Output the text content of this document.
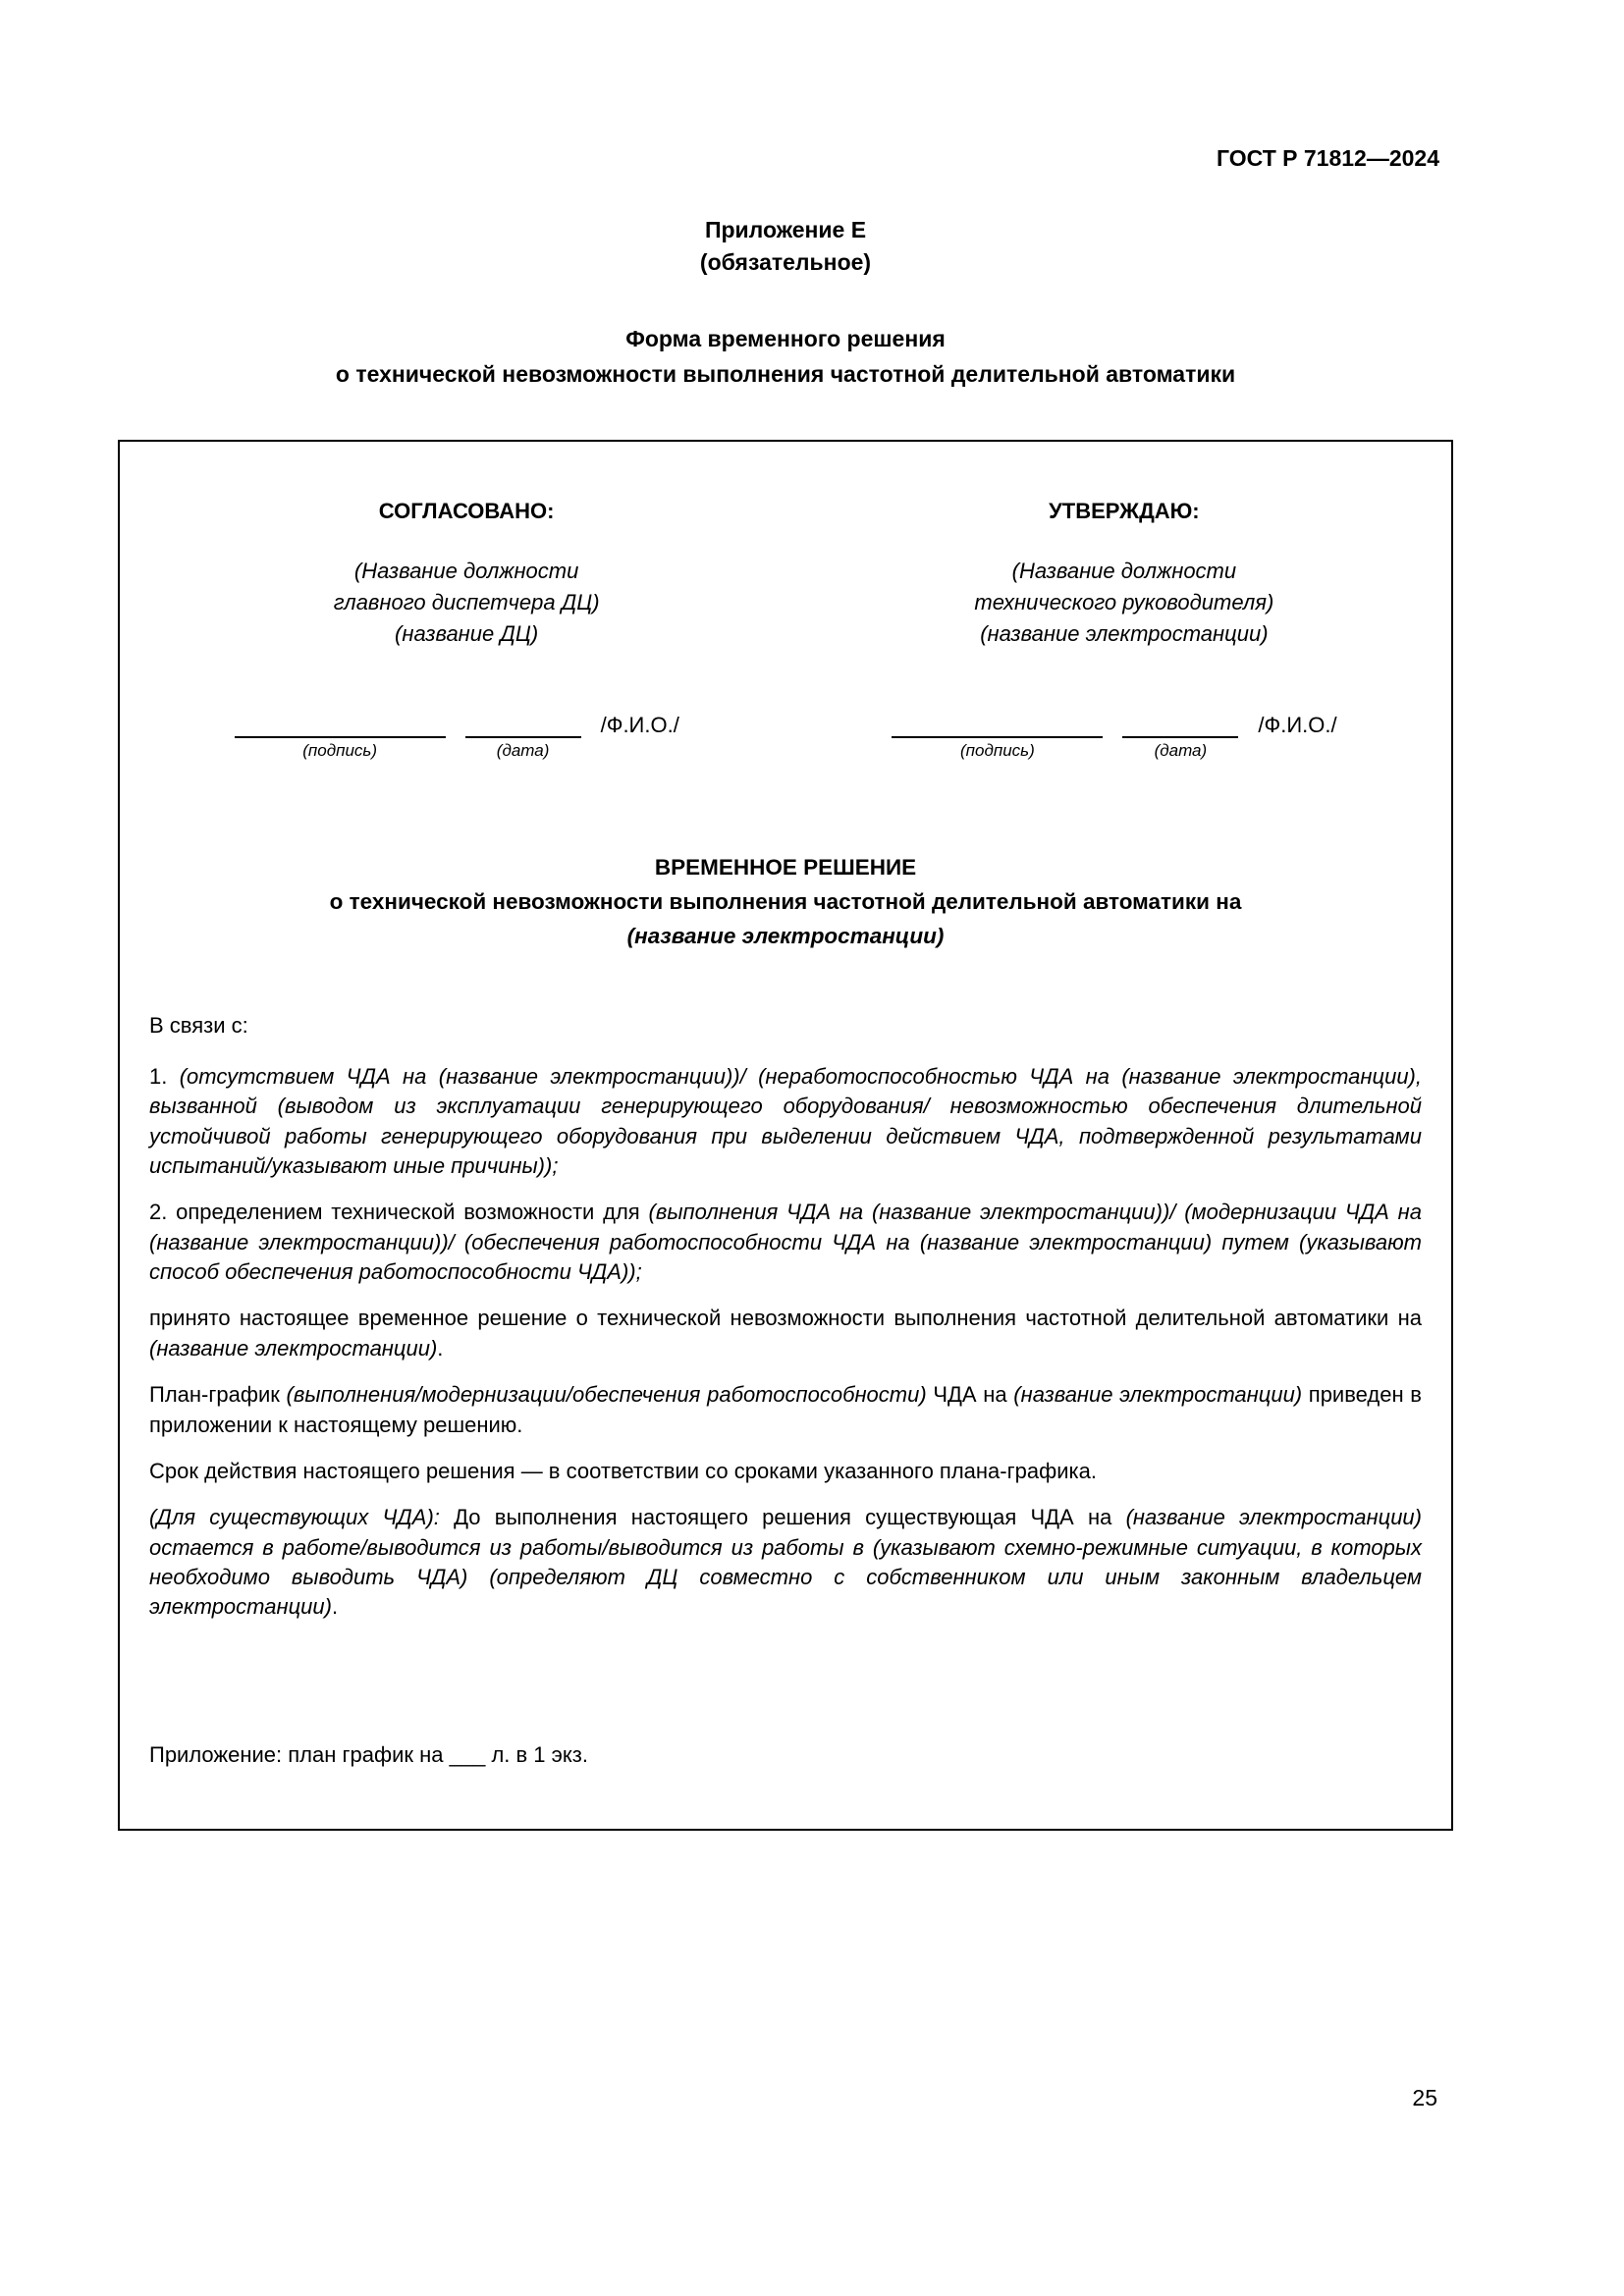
ГОСТ Р 71812—2024
Приложение Е
(обязательное)
Форма временного решения
о технической невозможности выполнения частотной делительной автоматики
СОГЛАСОВАНО:
(Название должности
главного диспетчера ДЦ)
(название ДЦ)
/Ф.И.О./
(подпись)	(дата)
УТВЕРЖДАЮ:
(Название должности
технического руководителя)
(название электростанции)
/Ф.И.О./
(подпись)	(дата)
ВРЕМЕННОЕ РЕШЕНИЕ
о технической невозможности выполнения частотной делительной автоматики на
(название электростанции)

В связи с:

1. (отсутствием ЧДА на (название электростанции))/ (неработоспособностью ЧДА на (название электростанции), вызванной (выводом из эксплуатации генерирующего оборудования/ невозможностью обеспечения длительной устойчивой работы генерирующего оборудования при выделении действием ЧДА, подтвержденной результатами испытаний/указывают иные причины));

2. определением технической возможности для (выполнения ЧДА на (название электростанции))/ (модернизации ЧДА на (название электростанции))/ (обеспечения работоспособности ЧДА на (название электростанции) путем (указывают способ обеспечения работоспособности ЧДА));

принято настоящее временное решение о технической невозможности выполнения частотной делительной автоматики на (название электростанции).

План-график (выполнения/модернизации/обеспечения работоспособности) ЧДА на (название электростанции) приведен в приложении к настоящему решению.

Срок действия настоящего решения — в соответствии со сроками указанного плана-графика.

(Для существующих ЧДА): До выполнения настоящего решения существующая ЧДА на (название электростанции) остается в работе/выводится из работы/выводится из работы в (указывают схемно-режимные ситуации, в которых необходимо выводить ЧДА) (определяют ДЦ совместно с собственником или иным законным владельцем электростанции).

Приложение: план график на ___ л. в 1 экз.

25
